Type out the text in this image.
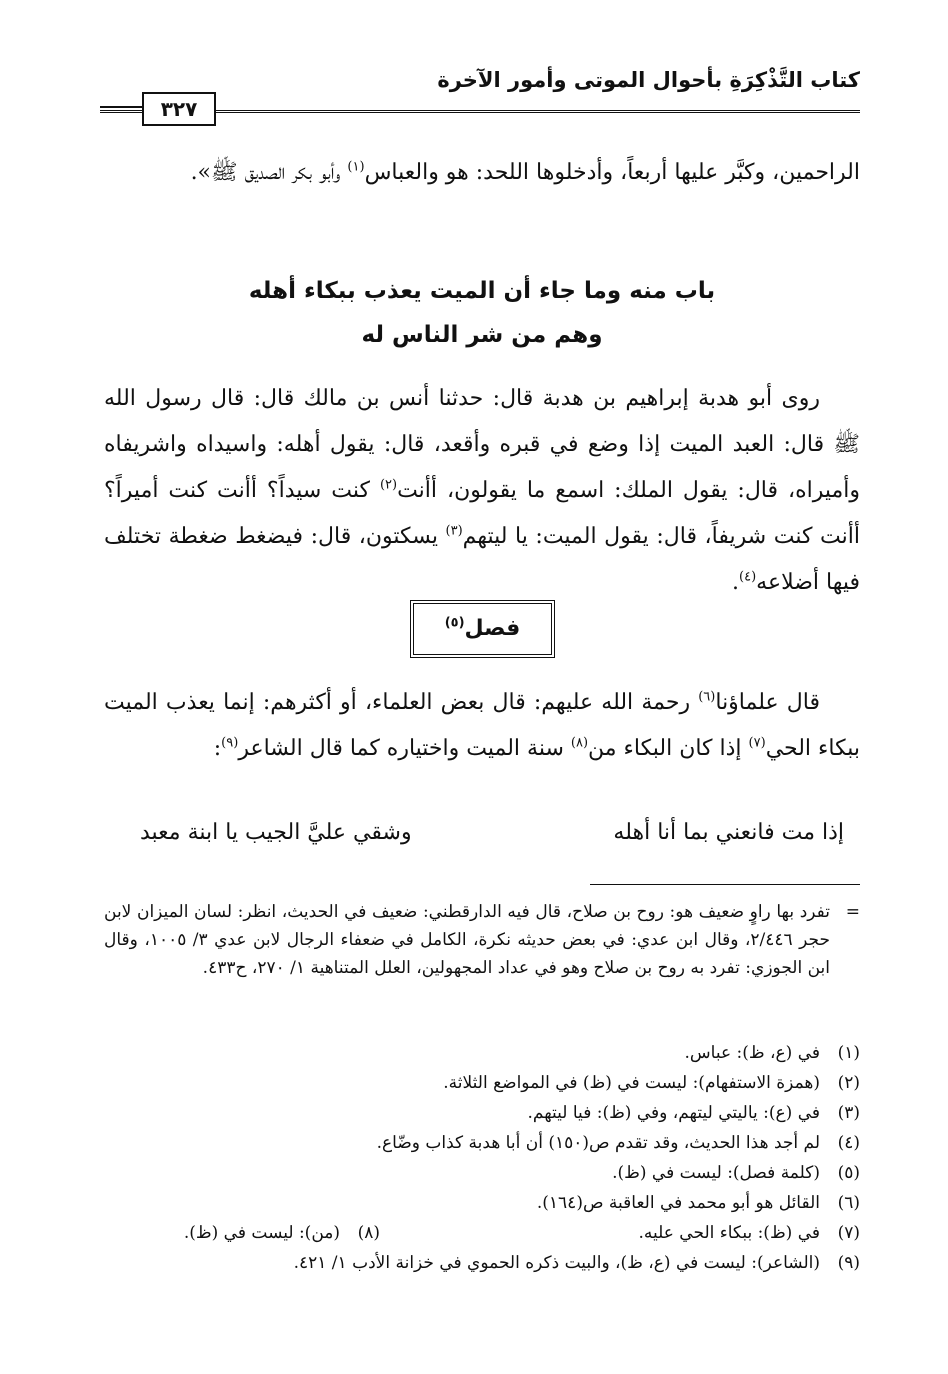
كتاب التَّذْكِرَةِ بأحوال الموتى وأمور الآخرة
٣٢٧
الراحمين، وكبَّر عليها أربعاً، وأدخلوها اللحد: هو والعباس$^{(١)}$ وأبو بكر الصديق ﷺ».
باب منه وما جاء أن الميت يعذب ببكاء أهله
وهم من شر الناس له
روى أبو هدبة إبراهيم بن هدبة قال: حدثنا أنس بن مالك قال: قال رسول الله ﷺ قال: العبد الميت إذا وضع في قبره وأقعد، قال: يقول أهله: واسيداه واشريفاه وأميراه، قال: يقول الملك: اسمع ما يقولون، أأنت$^{(٢)}$ كنت سيداً؟ أأنت كنت أميراً؟ أأنت كنت شريفاً، قال: يقول الميت: يا ليتهم$^{(٣)}$ يسكتون، قال: فيضغط ضغطة تختلف فيها أضلاعه$^{(٤)}$.
فصل$^{(٥)}$
قال علماؤنا$^{(٦)}$ رحمة الله عليهم: قال بعض العلماء، أو أكثرهم: إنما يعذب الميت ببكاء الحي$^{(٧)}$ إذا كان البكاء من$^{(٨)}$ سنة الميت واختياره كما قال الشاعر$^{(٩)}$:
إذا مت فانعني بما أنا أهله
وشقي عليَّ الجيب يا ابنة معبد
=
تفرد بها راوٍ ضعيف هو: روح بن صلاح، قال فيه الدارقطني: ضعيف في الحديث، انظر: لسان الميزان لابن حجر ٢/٤٤٦، وقال ابن عدي: في بعض حديثه نكرة، الكامل في ضعفاء الرجال لابن عدي ٣/ ١٠٠٥، وقال ابن الجوزي: تفرد به روح بن صلاح وهو في عداد المجهولين، العلل المتناهية ١/ ٢٧٠، ح٤٣٣.
(١)في (ع، ظ): عباس.
(٢)(همزة الاستفهام): ليست في (ظ) في المواضع الثلاثة.
(٣)في (ع): ياليتي ليتهم، وفي (ظ): فيا ليتهم.
(٤)لم أجد هذا الحديث، وقد تقدم ص(١٥٠) أن أبا هدبة كذاب وضّاع.
(٥)(كلمة فصل): ليست في (ظ).
(٦)القائل هو أبو محمد في العاقبة ص(١٦٤).
(٧)في (ظ): ببكاء الحي عليه.
(٨)(من): ليست في (ظ).
(٩)(الشاعر): ليست في (ع، ظ)، والبيت ذكره الحموي في خزانة الأدب ١/ ٤٢١.
